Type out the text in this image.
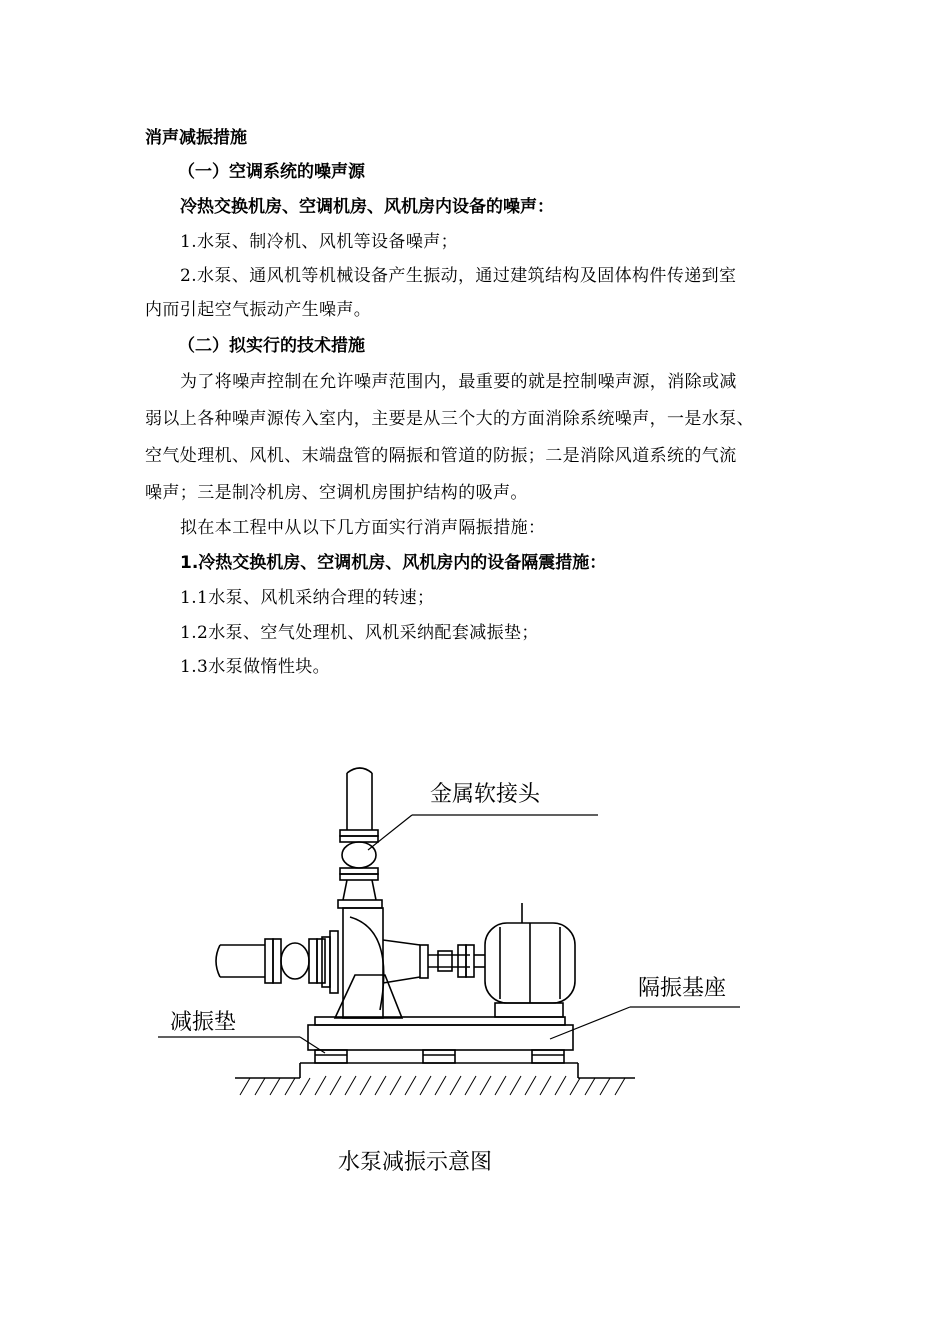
消声减振措施
（一）空调系统的噪声源
冷热交换机房、空调机房、风机房内设备的噪声：
1.水泵、制冷机、风机等设备噪声；
2.水泵、通风机等机械设备产生振动，通过建筑结构及固体构件传递到室
内而引起空气振动产生噪声。
（二）拟实行的技术措施
为了将噪声控制在允许噪声范围内，最重要的就是控制噪声源，消除或减
弱以上各种噪声源传入室内，主要是从三个大的方面消除系统噪声，一是水泵、
空气处理机、风机、末端盘管的隔振和管道的防振；二是消除风道系统的气流
噪声；三是制冷机房、空调机房围护结构的吸声。
拟在本工程中从以下几方面实行消声隔振措施：
1.冷热交换机房、空调机房、风机房内的设备隔震措施：
1.1水泵、风机采纳合理的转速；
1.2水泵、空气处理机、风机采纳配套减振垫；
1.3水泵做惰性块。
金属软接头
隔振基座
减振垫
水泵减振示意图
